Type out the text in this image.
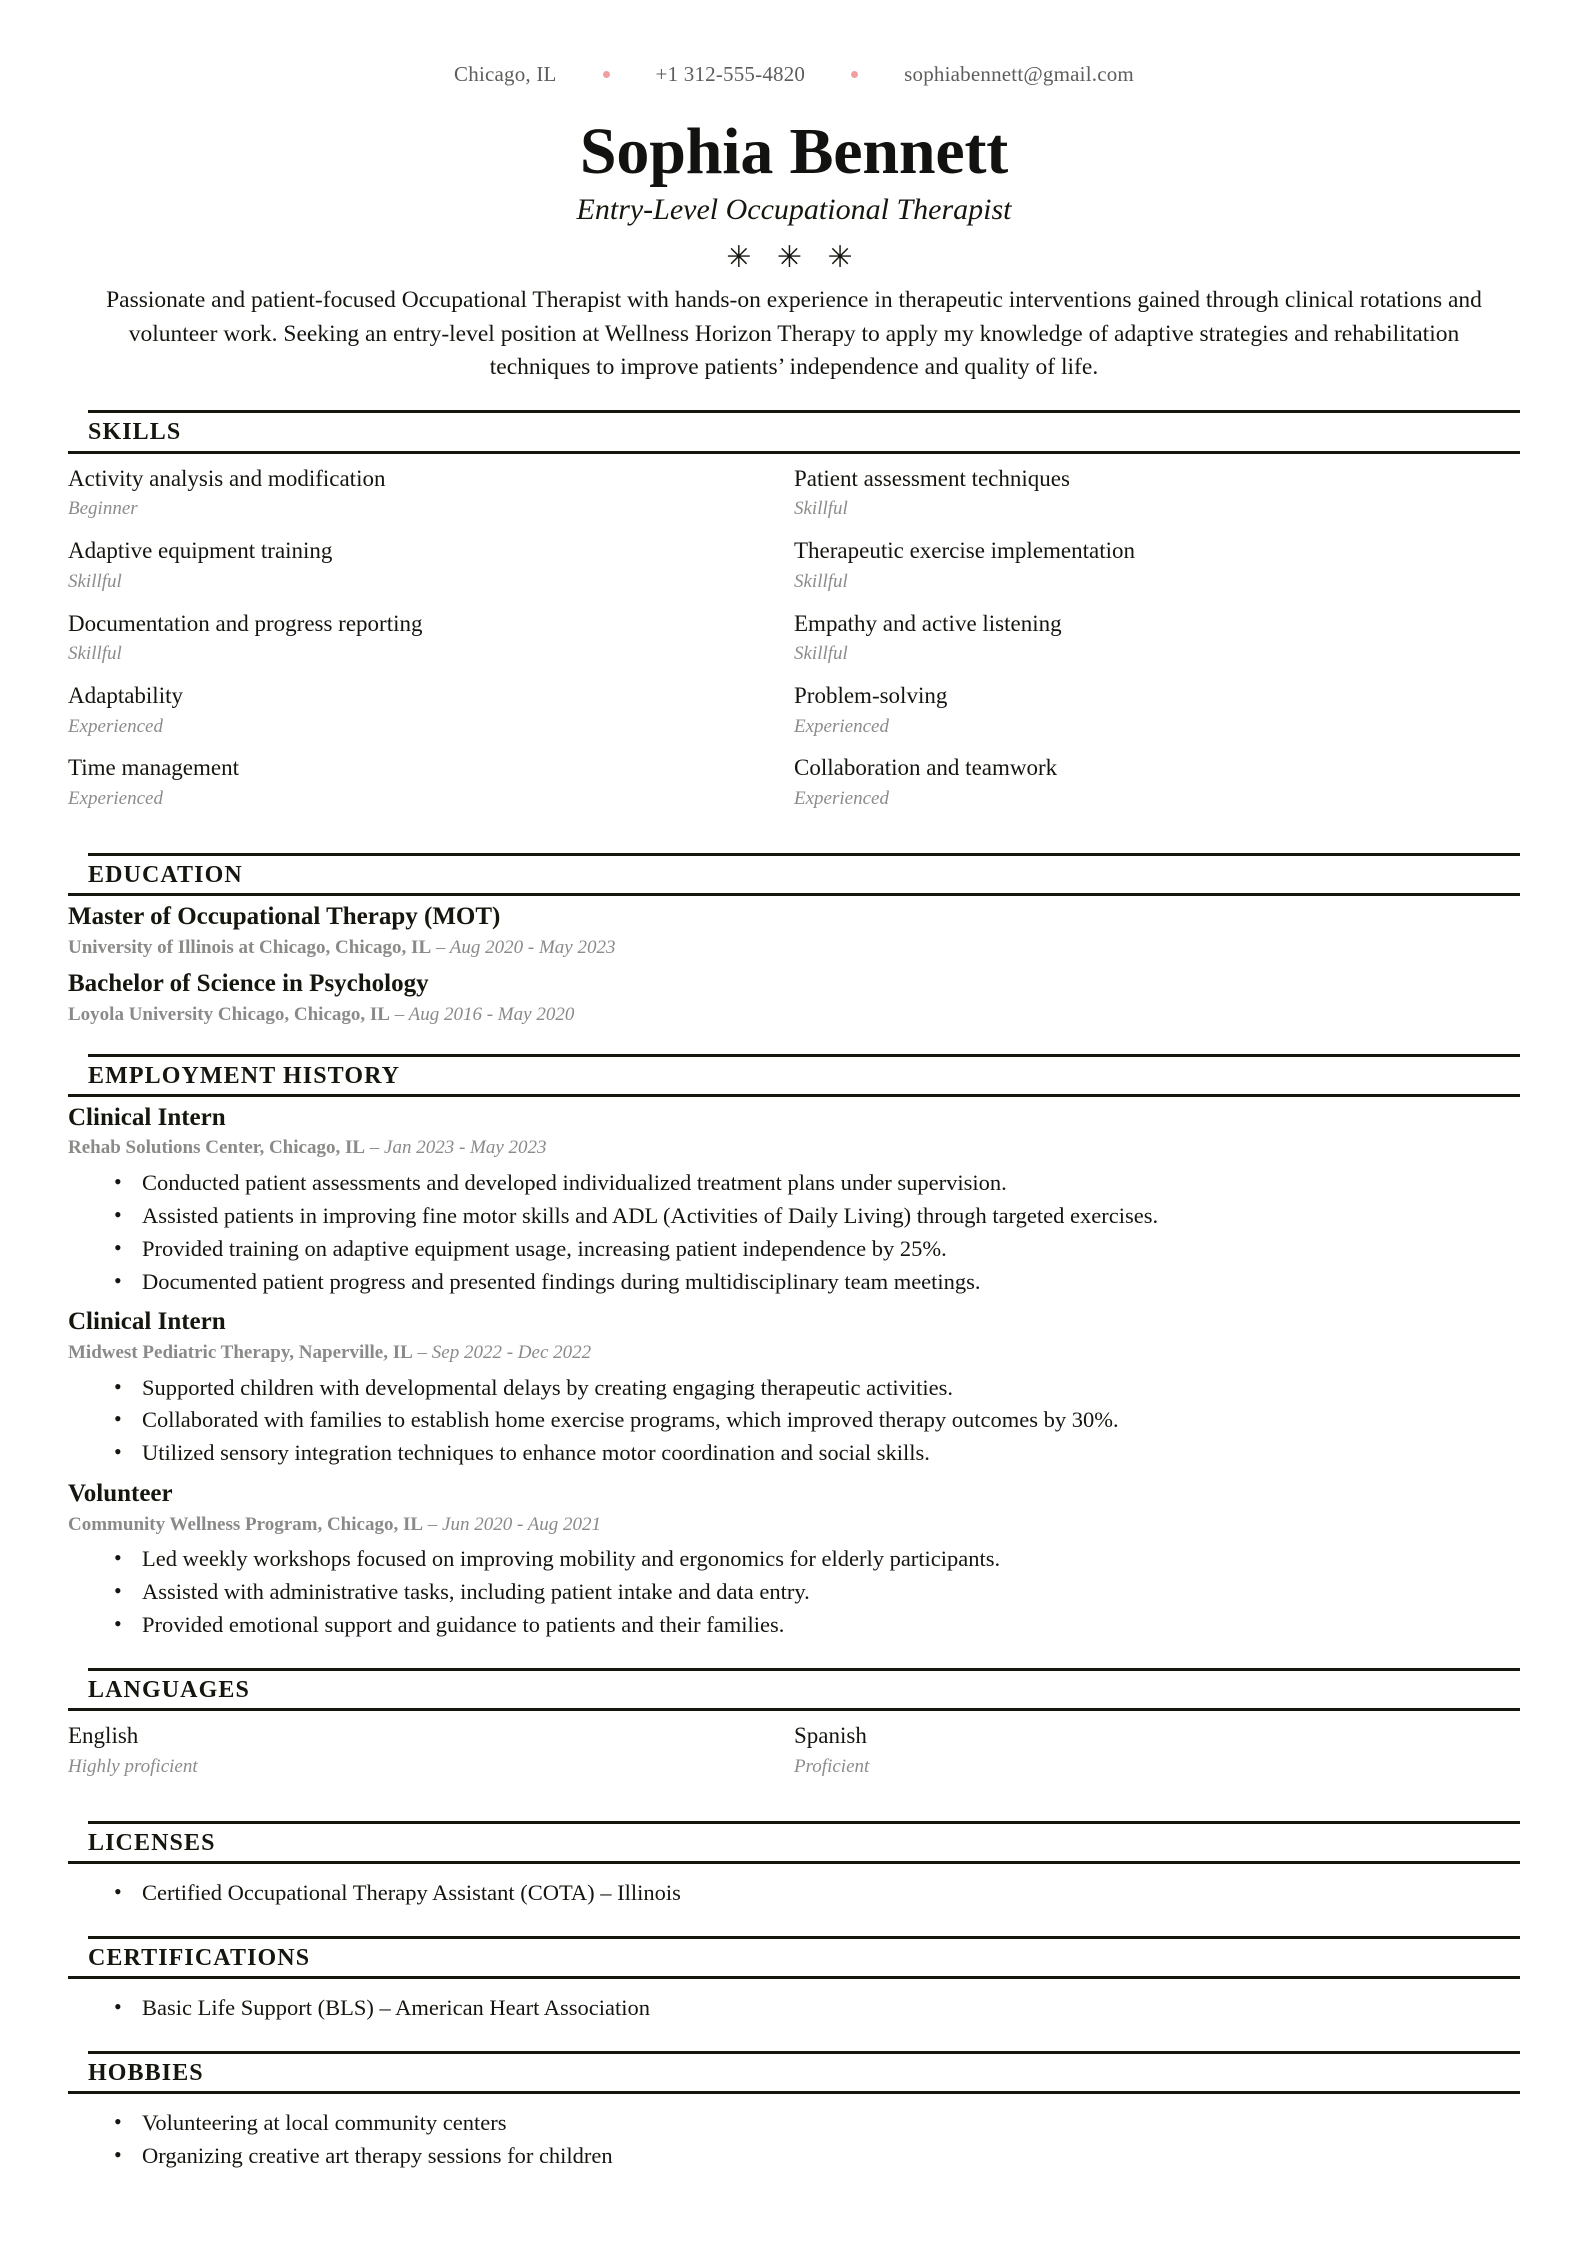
Chicago, IL	+1 312-555-4820	sophiabennett@gmail.com
Sophia Bennett
Entry-Level Occupational Therapist
✳ ✳ ✳
Passionate and patient-focused Occupational Therapist with hands-on experience in therapeutic interventions gained through clinical rotations and volunteer work. Seeking an entry-level position at Wellness Horizon Therapy to apply my knowledge of adaptive strategies and rehabilitation techniques to improve patients’ independence and quality of life.
SKILLS
Activity analysis and modification
Beginner
Patient assessment techniques
Skillful
Adaptive equipment training
Skillful
Therapeutic exercise implementation
Skillful
Documentation and progress reporting
Skillful
Empathy and active listening
Skillful
Adaptability
Experienced
Problem-solving
Experienced
Time management
Experienced
Collaboration and teamwork
Experienced
EDUCATION
Master of Occupational Therapy (MOT)
University of Illinois at Chicago, Chicago, IL – Aug 2020 - May 2023
Bachelor of Science in Psychology
Loyola University Chicago, Chicago, IL – Aug 2016 - May 2020
EMPLOYMENT HISTORY
Clinical Intern
Rehab Solutions Center, Chicago, IL – Jan 2023 - May 2023
• Conducted patient assessments and developed individualized treatment plans under supervision.
• Assisted patients in improving fine motor skills and ADL (Activities of Daily Living) through targeted exercises.
• Provided training on adaptive equipment usage, increasing patient independence by 25%.
• Documented patient progress and presented findings during multidisciplinary team meetings.
Clinical Intern
Midwest Pediatric Therapy, Naperville, IL – Sep 2022 - Dec 2022
• Supported children with developmental delays by creating engaging therapeutic activities.
• Collaborated with families to establish home exercise programs, which improved therapy outcomes by 30%.
• Utilized sensory integration techniques to enhance motor coordination and social skills.
Volunteer
Community Wellness Program, Chicago, IL – Jun 2020 - Aug 2021
• Led weekly workshops focused on improving mobility and ergonomics for elderly participants.
• Assisted with administrative tasks, including patient intake and data entry.
• Provided emotional support and guidance to patients and their families.
LANGUAGES
English
Highly proficient
Spanish
Proficient
LICENSES
• Certified Occupational Therapy Assistant (COTA) – Illinois
CERTIFICATIONS
• Basic Life Support (BLS) – American Heart Association
HOBBIES
• Volunteering at local community centers
• Organizing creative art therapy sessions for children
